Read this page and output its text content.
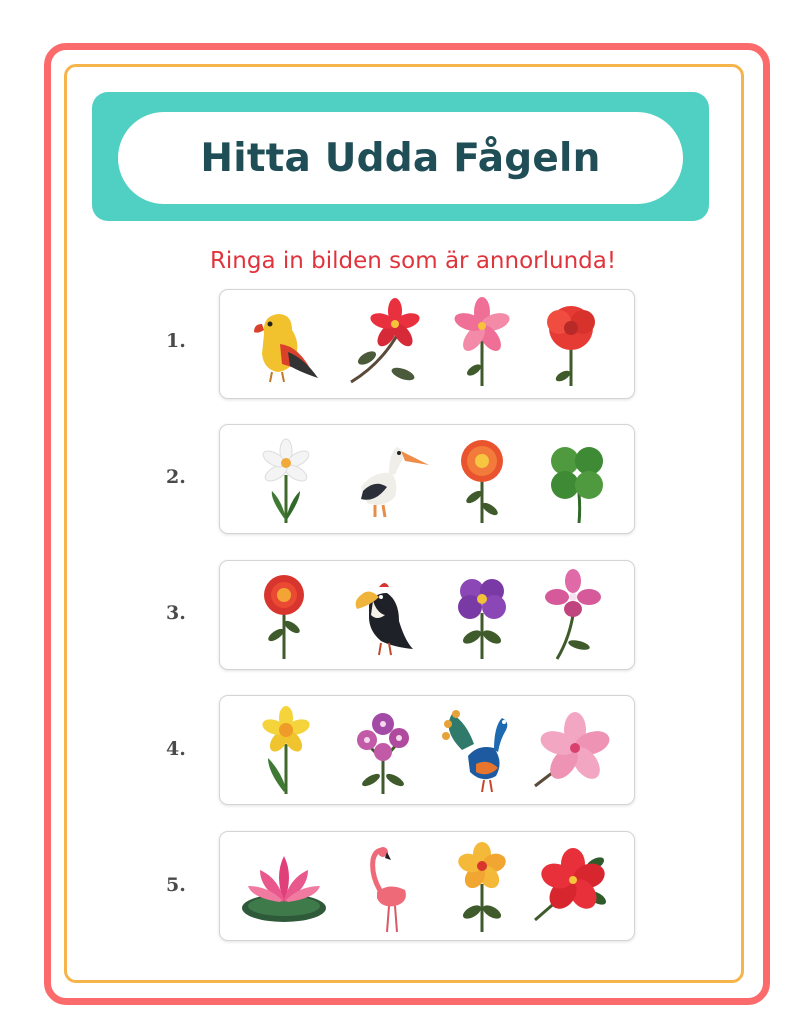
Hitta Udda Fågeln
Ringa in bilden som är annorlunda!
1.
2.
3.
4.
5.
